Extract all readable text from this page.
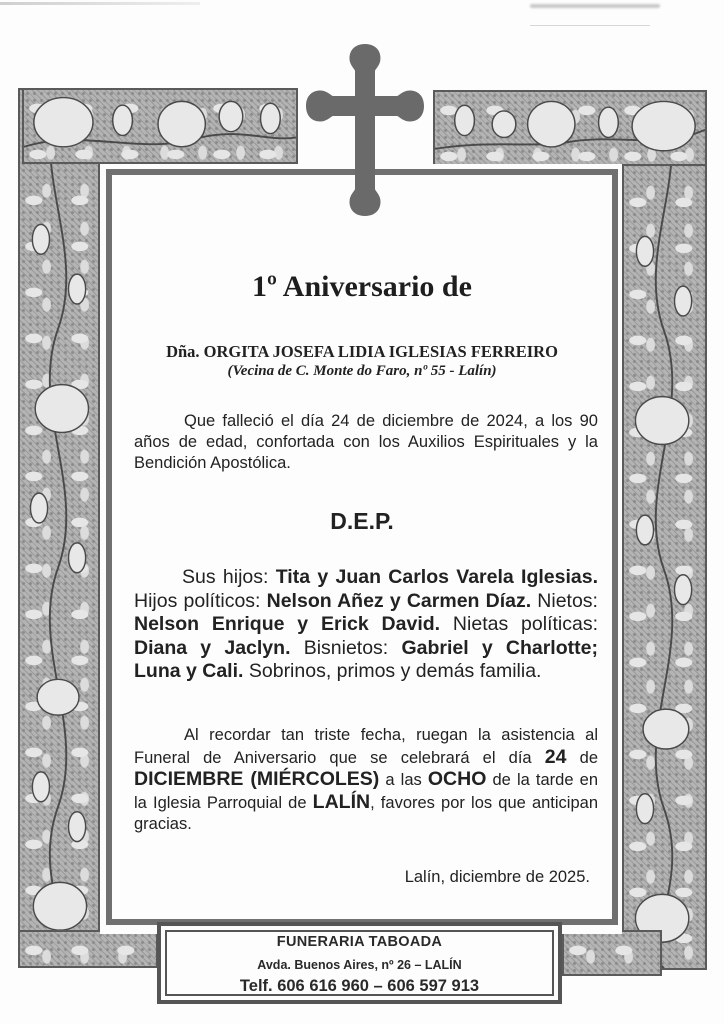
1º Aniversario de
Dña. ORGITA JOSEFA LIDIA IGLESIAS FERREIRO
(Vecina de C. Monte do Faro, nº 55 - Lalín)
Que falleció el día 24 de diciembre de 2024, a los 90 años de edad, confortada con los Auxilios Espirituales y la Bendición Apostólica.
D.E.P.
Sus hijos: Tita y Juan Carlos Varela Iglesias. Hijos políticos: Nelson Añez y Carmen Díaz. Nietos: Nelson Enrique y Erick David. Nietas políticas: Diana y Jaclyn. Bisnietos: Gabriel y Charlotte; Luna y Cali. Sobrinos, primos y demás familia.
Al recordar tan triste fecha, ruegan la asistencia al Funeral de Aniversario que se celebrará el día 24 de DICIEMBRE (MIÉRCOLES) a las OCHO de la tarde en la Iglesia Parroquial de LALÍN, favores por los que anticipan gracias.
Lalín, diciembre de 2025.
FUNERARIA TABOADA
Avda. Buenos Aires, nº 26 – LALÍN
Telf. 606 616 960 – 606 597 913
